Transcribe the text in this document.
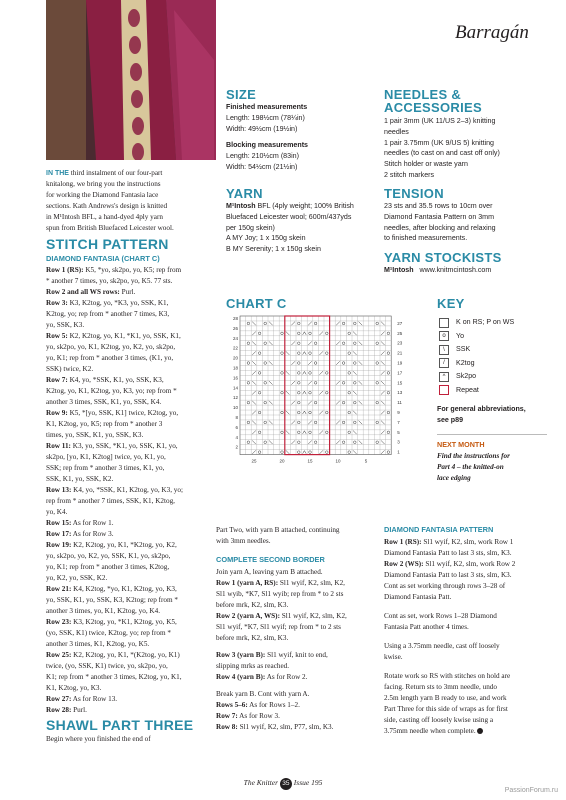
Barragán
IN THE third instalment of our four-part
knitalong, we bring you the instructions
for working the Diamond Fantasia lace
sections. Kath Andrews's design is knitted
in M¹Intosh BFL, a hand-dyed 4ply yarn
spun from British Bluefaced Leicester wool.
STITCH PATTERN
DIAMOND FANTASIA (CHART C)
Row 1 (RS): K5, *yo, sk2po, yo, K5; rep from
* another 7 times, yo, sk2po, yo, K5. 77 sts.
Row 2 and all WS rows: Purl.
Row 3: K3, K2tog, yo, *K3, yo, SSK, K1,
K2tog, yo; rep from * another 7 times, K3,
yo, SSK, K3.
Row 5: K2, K2tog, yo, K1, *K1, yo, SSK, K1,
yo, sk2po, yo, K1, K2tog, yo, K2, yo, sk2po,
yo, K1; rep from * another 3 times, (K1, yo,
SSK) twice, K2.
Row 7: K4, yo, *SSK, K1, yo, SSK, K3,
K2tog, yo, K1, K2tog, yo, K3, yo; rep from *
another 3 times, SSK, K1, yo, SSK, K4.
Row 9: K5, *[yo, SSK, K1] twice, K2tog, yo,
K1, K2tog, yo, K5; rep from * another 3
times, yo, SSK, K1, yo, SSK, K3.
Row 11: K3, yo, SSK, *K1, yo, SSK, K1, yo,
sk2po, [yo, K1, K2tog] twice, yo, K1, yo,
SSK; rep from * another 3 times, K1, yo,
SSK, K1, yo, SSK, K2.
Row 13: K4, yo, *SSK, K1, K2tog, yo, K3, yo;
rep from * another 7 times, SSK, K1, K2tog,
yo, K4.
Row 15: As for Row 1.
Row 17: As for Row 3.
Row 19: K2, K2tog, yo, K1, *K2tog, yo, K2,
yo, sk2po, yo, K2, yo, SSK, K1, yo, sk2po,
yo, K1; rep from * another 3 times, K2tog,
yo, K2, yo, SSK, K2.
Row 21: K4, K2tog, *yo, K1, K2tog, yo, K3,
yo, SSK, K1, yo, SSK, K3, K2tog; rep from *
another 3 times, yo, K1, K2tog, yo, K4.
Row 23: K3, K2tog, yo, *K1, K2tog, yo, K5,
(yo, SSK, K1) twice, K2tog, yo; rep from *
another 3 times, K1, K2tog, yo, K5.
Row 25: K2, K2tog, yo, K1, *(K2tog, yo, K1)
twice, (yo, SSK, K1) twice, yo, sk2po, yo,
K1; rep from * another 3 times, K2tog, yo, K1,
K1, K2tog, yo, K3.
Row 27: As for Row 13.
Row 28: Purl.
SHAWL PART THREE
Begin where you finished the end of
SIZE
Finished measurements
Length: 198½cm (78¼in)
Width: 49½cm (19½in)
Blocking measurements
Length: 210½cm (83in)
Width: 54½cm (21½in)
YARN
M¹Intosh BFL (4ply weight; 100% British
Bluefaced Leicester wool; 600m/437yds
per 150g skein)
A MY Joy; 1 x 150g skein
B MY Serenity; 1 x 150g skein
NEEDLES &
ACCESSORIES
1 pair 3mm (UK 11/US 2–3) knitting
needles
1 pair 3.75mm (UK 9/US 5) knitting
needles (to cast on and cast off only)
Stitch holder or waste yarn
2 stitch markers
TENSION
23 sts and 35.5 rows to 10cm over
Diamond Fantasia Pattern on 3mm
needles, after blocking and relaxing
to finished measurements.
YARN STOCKISTS
M¹Intosh www.knitmcintosh.com
CHART C
28
26
24
22
20
18
16
14
12
10
8
6
4
2
27
25
23
21
19
17
15
13
11
9
7
5
3
1
25	20	15	10	5
KEY
K on RS; P on WS
o	Yo
\	SSK
/	K2tog
^	Sk2po
Repeat
For general abbreviations,
see p89
NEXT MONTH
Find the instructions for
Part 4 – the knitted-on
lace edging
Part Two, with yarn B attached, continuing
with 3mm needles.
COMPLETE SECOND BORDER
Join yarn A, leaving yarn B attached.
Row 1 (yarn A, RS): Sl1 wyif, K2, slm, K2,
Sl1 wyib, *K7, Sl1 wyib; rep from * to 2 sts
before mrk, K2, slm, K3.
Row 2 (yarn A, WS): Sl1 wyif, K2, slm, K2,
Sl1 wyif, *K7, Sl1 wyif; rep from * to 2 sts
before mrk, K2, slm, K3.
Row 3 (yarn B): Sl1 wyif, knit to end,
slipping mrks as reached.
Row 4 (yarn B): As for Row 2.
Break yarn B. Cont with yarn A.
Rows 5–6: As for Rows 1–2.
Row 7: As for Row 3.
Row 8: Sl1 wyif, K2, slm, P77, slm, K3.
DIAMOND FANTASIA PATTERN
Row 1 (RS): Sl1 wyif, K2, slm, work Row 1
Diamond Fantasia Patt to last 3 sts, slm, K3.
Row 2 (WS): Sl1 wyif, K2, slm, work Row 2
Diamond Fantasia Patt to last 3 sts, slm, K3.
Cont as set working through rows 3–28 of
Diamond Fantasia Patt.
Cont as set, work Rows 1–28 Diamond
Fantasia Patt another 4 times.
Using a 3.75mm needle, cast off loosely
kwise.
Rotate work so RS with stitches on hold are
facing. Return sts to 3mm needle, undo
2.5m length yarn B ready to use, and work
Part Three for this side of wraps as for first
side, casting off loosely kwise using a
3.75mm needle when complete.
The Knitter 35 Issue 195
PassionForum.ru
